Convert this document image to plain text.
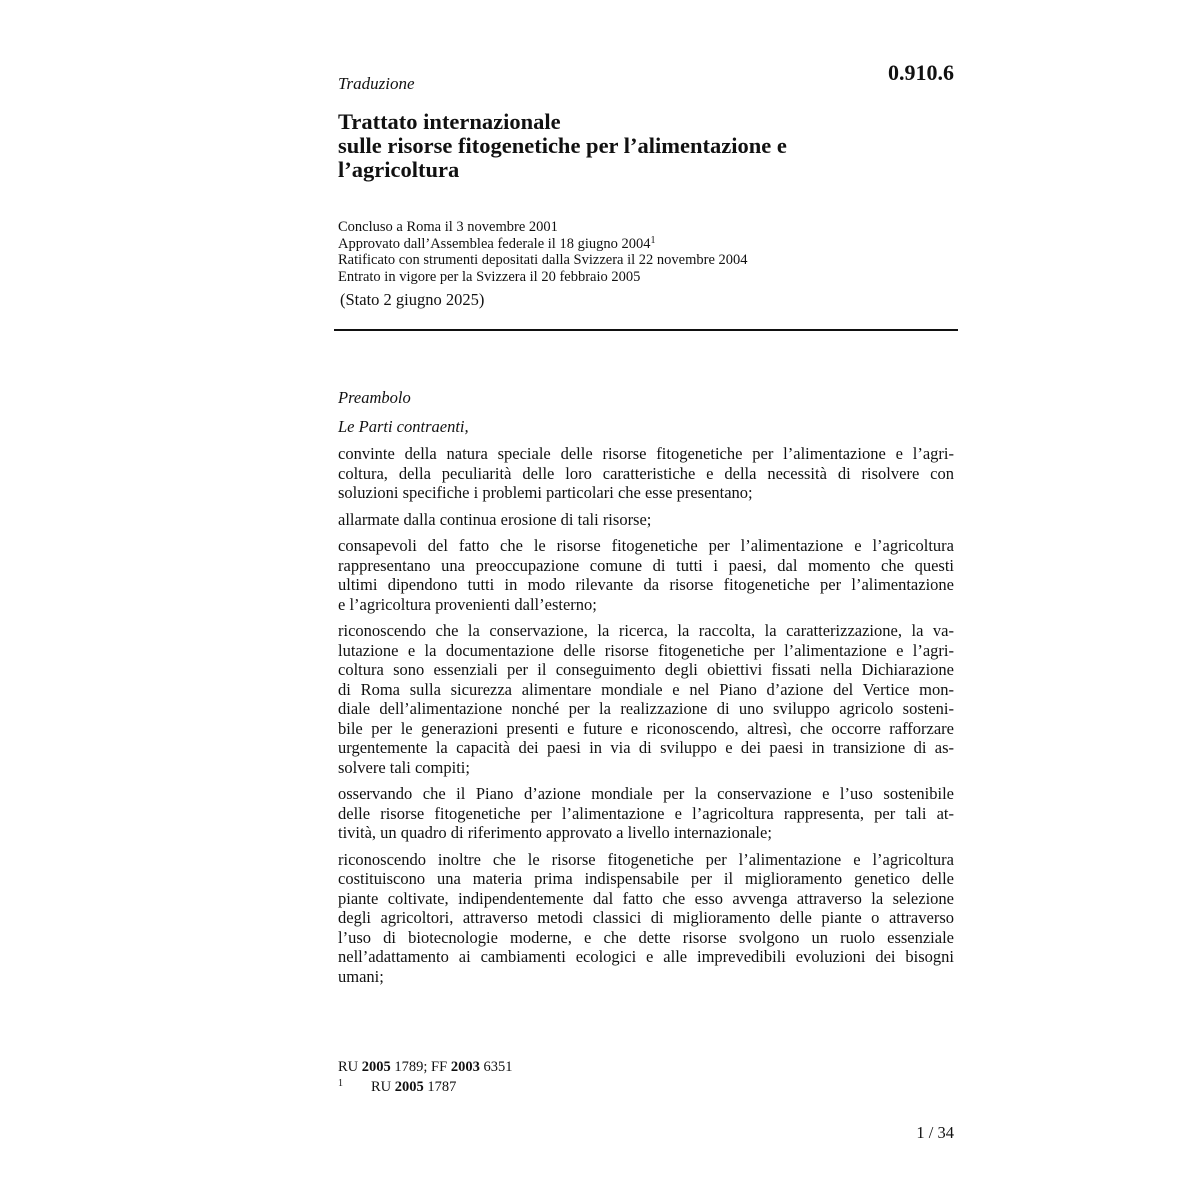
Traduzione	0.910.6
Trattato internazionale
sulle risorse fitogenetiche per l’alimentazione e
l’agricoltura
Concluso a Roma il 3 novembre 2001
Approvato dall’Assemblea federale il 18 giugno 2004$^1$
Ratificato con strumenti depositati dalla Svizzera il 22 novembre 2004
Entrato in vigore per la Svizzera il 20 febbraio 2005
(Stato 2 giugno 2025)
Preambolo
Le Parti contraenti,
convinte della natura speciale delle risorse fitogenetiche per l’alimentazione e l’agri-
coltura, della peculiarità delle loro caratteristiche e della necessità di risolvere con
soluzioni specifiche i problemi particolari che esse presentano;
allarmate dalla continua erosione di tali risorse;
consapevoli del fatto che le risorse fitogenetiche per l’alimentazione e l’agricoltura
rappresentano una preoccupazione comune di tutti i paesi, dal momento che questi
ultimi dipendono tutti in modo rilevante da risorse fitogenetiche per l’alimentazione
e l’agricoltura provenienti dall’esterno;
riconoscendo che la conservazione, la ricerca, la raccolta, la caratterizzazione, la va-
lutazione e la documentazione delle risorse fitogenetiche per l’alimentazione e l’agri-
coltura sono essenziali per il conseguimento degli obiettivi fissati nella Dichiarazione
di Roma sulla sicurezza alimentare mondiale e nel Piano d’azione del Vertice mon-
diale dell’alimentazione nonché per la realizzazione di uno sviluppo agricolo sosteni-
bile per le generazioni presenti e future e riconoscendo, altresì, che occorre rafforzare
urgentemente la capacità dei paesi in via di sviluppo e dei paesi in transizione di as-
solvere tali compiti;
osservando che il Piano d’azione mondiale per la conservazione e l’uso sostenibile
delle risorse fitogenetiche per l’alimentazione e l’agricoltura rappresenta, per tali at-
tività, un quadro di riferimento approvato a livello internazionale;
riconoscendo inoltre che le risorse fitogenetiche per l’alimentazione e l’agricoltura
costituiscono una materia prima indispensabile per il miglioramento genetico delle
piante coltivate, indipendentemente dal fatto che esso avvenga attraverso la selezione
degli agricoltori, attraverso metodi classici di miglioramento delle piante o attraverso
l’uso di biotecnologie moderne, e che dette risorse svolgono un ruolo essenziale
nell’adattamento ai cambiamenti ecologici e alle imprevedibili evoluzioni dei bisogni
umani;
RU 2005 1789; FF 2003 6351
1 RU 2005 1787
1 / 34
